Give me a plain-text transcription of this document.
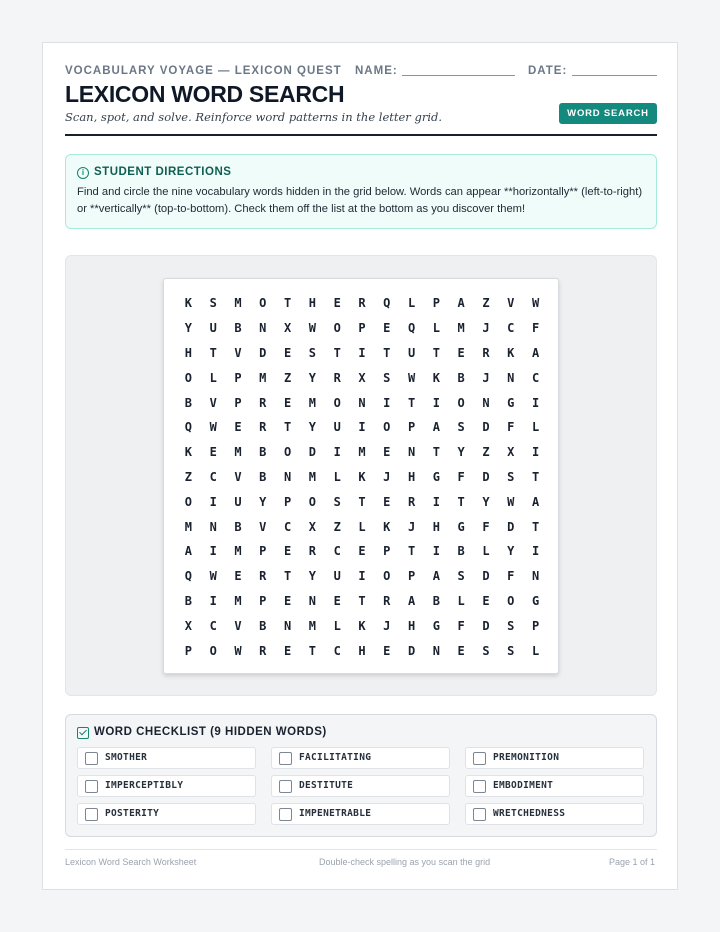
VOCABULARY VOYAGE — LEXICON QUEST NAME:	DATE:
LEXICON WORD SEARCH
Scan, spot, and solve. Reinforce word patterns in the letter grid.	WORD SEARCH
i STUDENT DIRECTIONS
Find and circle the nine vocabulary words hidden in the grid below. Words can appear **horizontally** (left-to-right) or **vertically** (top-to-bottom). Check them off the list at the bottom as you discover them!
K	S	M	O	T	H	E	R	Q	L	P	A	Z	V	W
Y	U	B	N	X	W	O	P	E	Q	L	M	J	C	F
H	T	V	D	E	S	T	I	T	U	T	E	R	K	A
O	L	P	M	Z	Y	R	X	S	W	K	B	J	N	C
B	V	P	R	E	M	O	N	I	T	I	O	N	G	I
Q	W	E	R	T	Y	U	I	O	P	A	S	D	F	L
K	E	M	B	O	D	I	M	E	N	T	Y	Z	X	I
Z	C	V	B	N	M	L	K	J	H	G	F	D	S	T
O	I	U	Y	P	O	S	T	E	R	I	T	Y	W	A
M	N	B	V	C	X	Z	L	K	J	H	G	F	D	T
A	I	M	P	E	R	C	E	P	T	I	B	L	Y	I
Q	W	E	R	T	Y	U	I	O	P	A	S	D	F	N
B	I	M	P	E	N	E	T	R	A	B	L	E	O	G
X	C	V	B	N	M	L	K	J	H	G	F	D	S	P
P	O	W	R	E	T	C	H	E	D	N	E	S	S	L
WORD CHECKLIST (9 HIDDEN WORDS)
SMOTHER	FACILITATING	PREMONITION
IMPERCEPTIBLY	DESTITUTE	EMBODIMENT
POSTERITY	IMPENETRABLE	WRETCHEDNESS
Lexicon Word Search Worksheet	Double-check spelling as you scan the grid	Page 1 of 1
